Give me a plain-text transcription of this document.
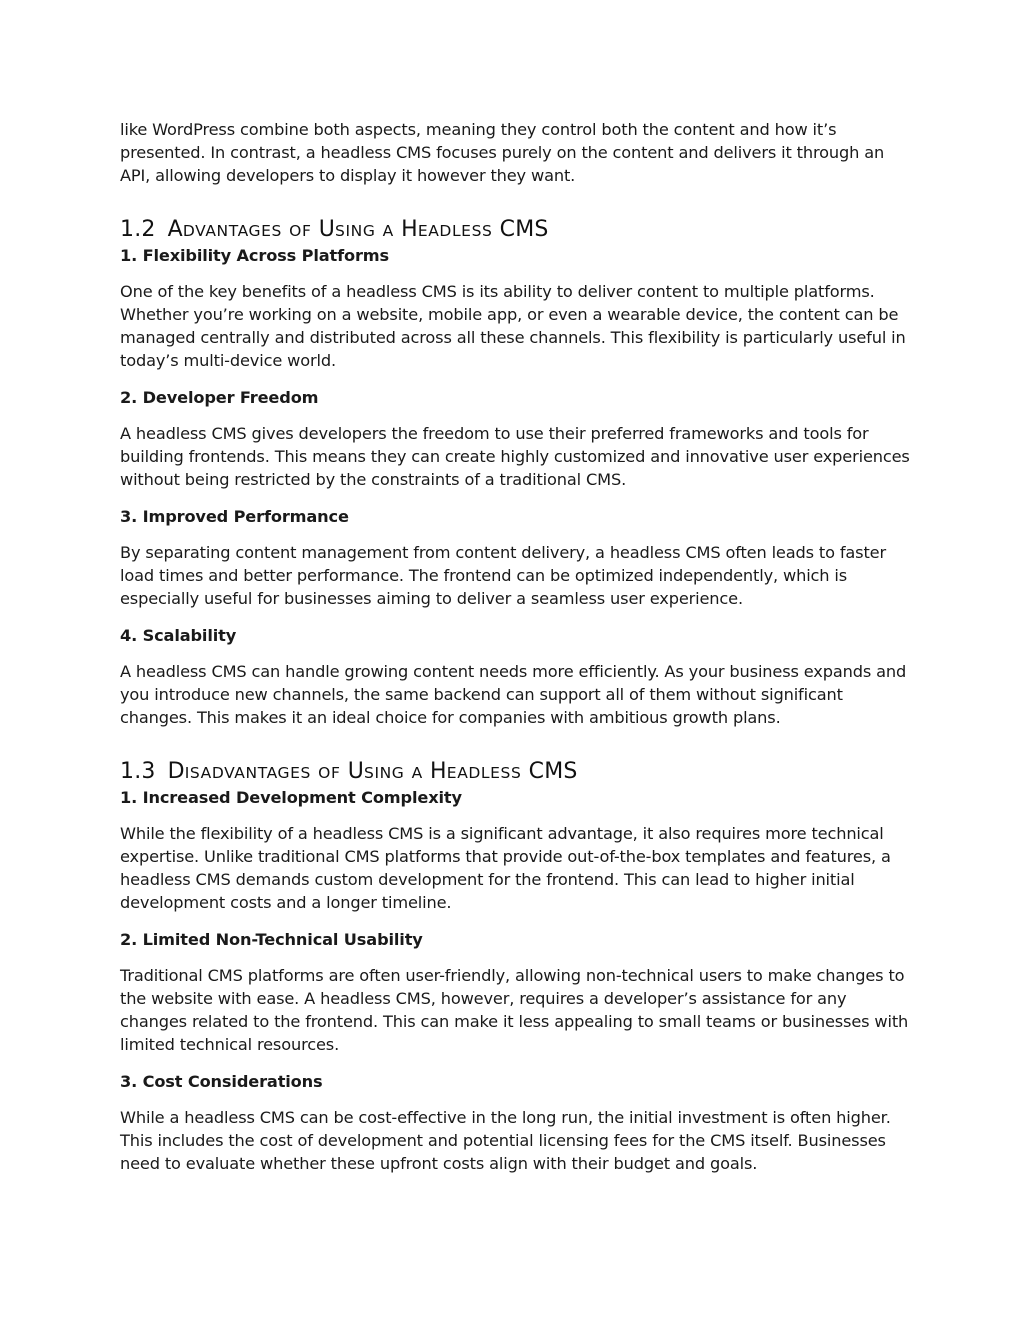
like WordPress combine both aspects, meaning they control both the content and how it’s presented. In contrast, a headless CMS focuses purely on the content and delivers it through an API, allowing developers to display it however they want.

1.2 ADVANTAGES OF USING A HEADLESS CMS
1. Flexibility Across Platforms

One of the key benefits of a headless CMS is its ability to deliver content to multiple platforms. Whether you’re working on a website, mobile app, or even a wearable device, the content can be managed centrally and distributed across all these channels. This flexibility is particularly useful in today’s multi-device world.

2. Developer Freedom

A headless CMS gives developers the freedom to use their preferred frameworks and tools for building frontends. This means they can create highly customized and innovative user experiences without being restricted by the constraints of a traditional CMS.

3. Improved Performance

By separating content management from content delivery, a headless CMS often leads to faster load times and better performance. The frontend can be optimized independently, which is especially useful for businesses aiming to deliver a seamless user experience.

4. Scalability

A headless CMS can handle growing content needs more efficiently. As your business expands and you introduce new channels, the same backend can support all of them without significant changes. This makes it an ideal choice for companies with ambitious growth plans.

1.3 DISADVANTAGES OF USING A HEADLESS CMS
1. Increased Development Complexity

While the flexibility of a headless CMS is a significant advantage, it also requires more technical expertise. Unlike traditional CMS platforms that provide out-of-the-box templates and features, a headless CMS demands custom development for the frontend. This can lead to higher initial development costs and a longer timeline.

2. Limited Non-Technical Usability

Traditional CMS platforms are often user-friendly, allowing non-technical users to make changes to the website with ease. A headless CMS, however, requires a developer’s assistance for any changes related to the frontend. This can make it less appealing to small teams or businesses with limited technical resources.

3. Cost Considerations

While a headless CMS can be cost-effective in the long run, the initial investment is often higher. This includes the cost of development and potential licensing fees for the CMS itself. Businesses need to evaluate whether these upfront costs align with their budget and goals.
